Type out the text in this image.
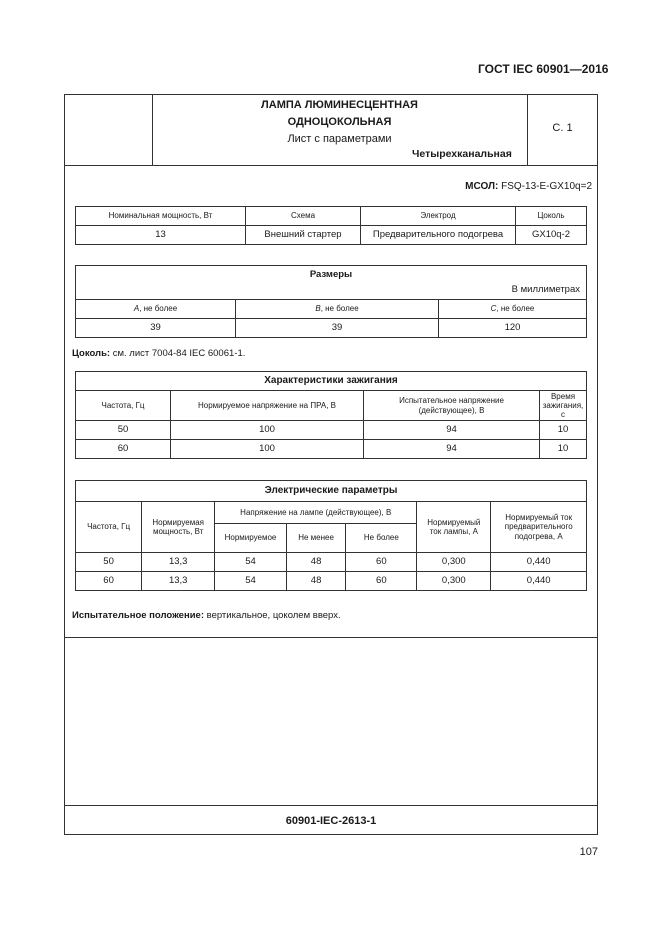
ГОСТ IEC 60901—2016
ЛАМПА ЛЮМИНЕСЦЕНТНАЯ
ОДНОЦОКОЛЬНАЯ
Лист с параметрами
Четырехканальная
С. 1
МСОЛ: FSQ-13-E-GX10q=2
Номинальная мощность, Вт	Схема	Электрод	Цоколь
13	Внешний стартер	Предварительного подогрева	GX10q-2
Размеры
В миллиметрах		

A, не более	B, не более	C, не более
39	39	120
Цоколь: см. лист 7004-84 IEC 60061-1.
Характеристики зажигания			
Частота, Гц	Нормируемое напряжение на ПРА, В	Испытательное напряжение (действующее), В	Время зажигания, с
50	100	94	10
60	100	94	10
Электрические параметры						
Частота, Гц	Нормируемая мощность, Вт	Напряжение на лампе (действующее), В			Нормируемый ток лампы, А	Нормируемый ток предварительного подогрева, А
		Нормируемое	Не менее	Не более		
50	13,3	54	48	60	0,300	0,440
60	13,3	54	48	60	0,300	0,440
Испытательное положение: вертикальное, цоколем вверх.
60901-IEC-2613-1
107
